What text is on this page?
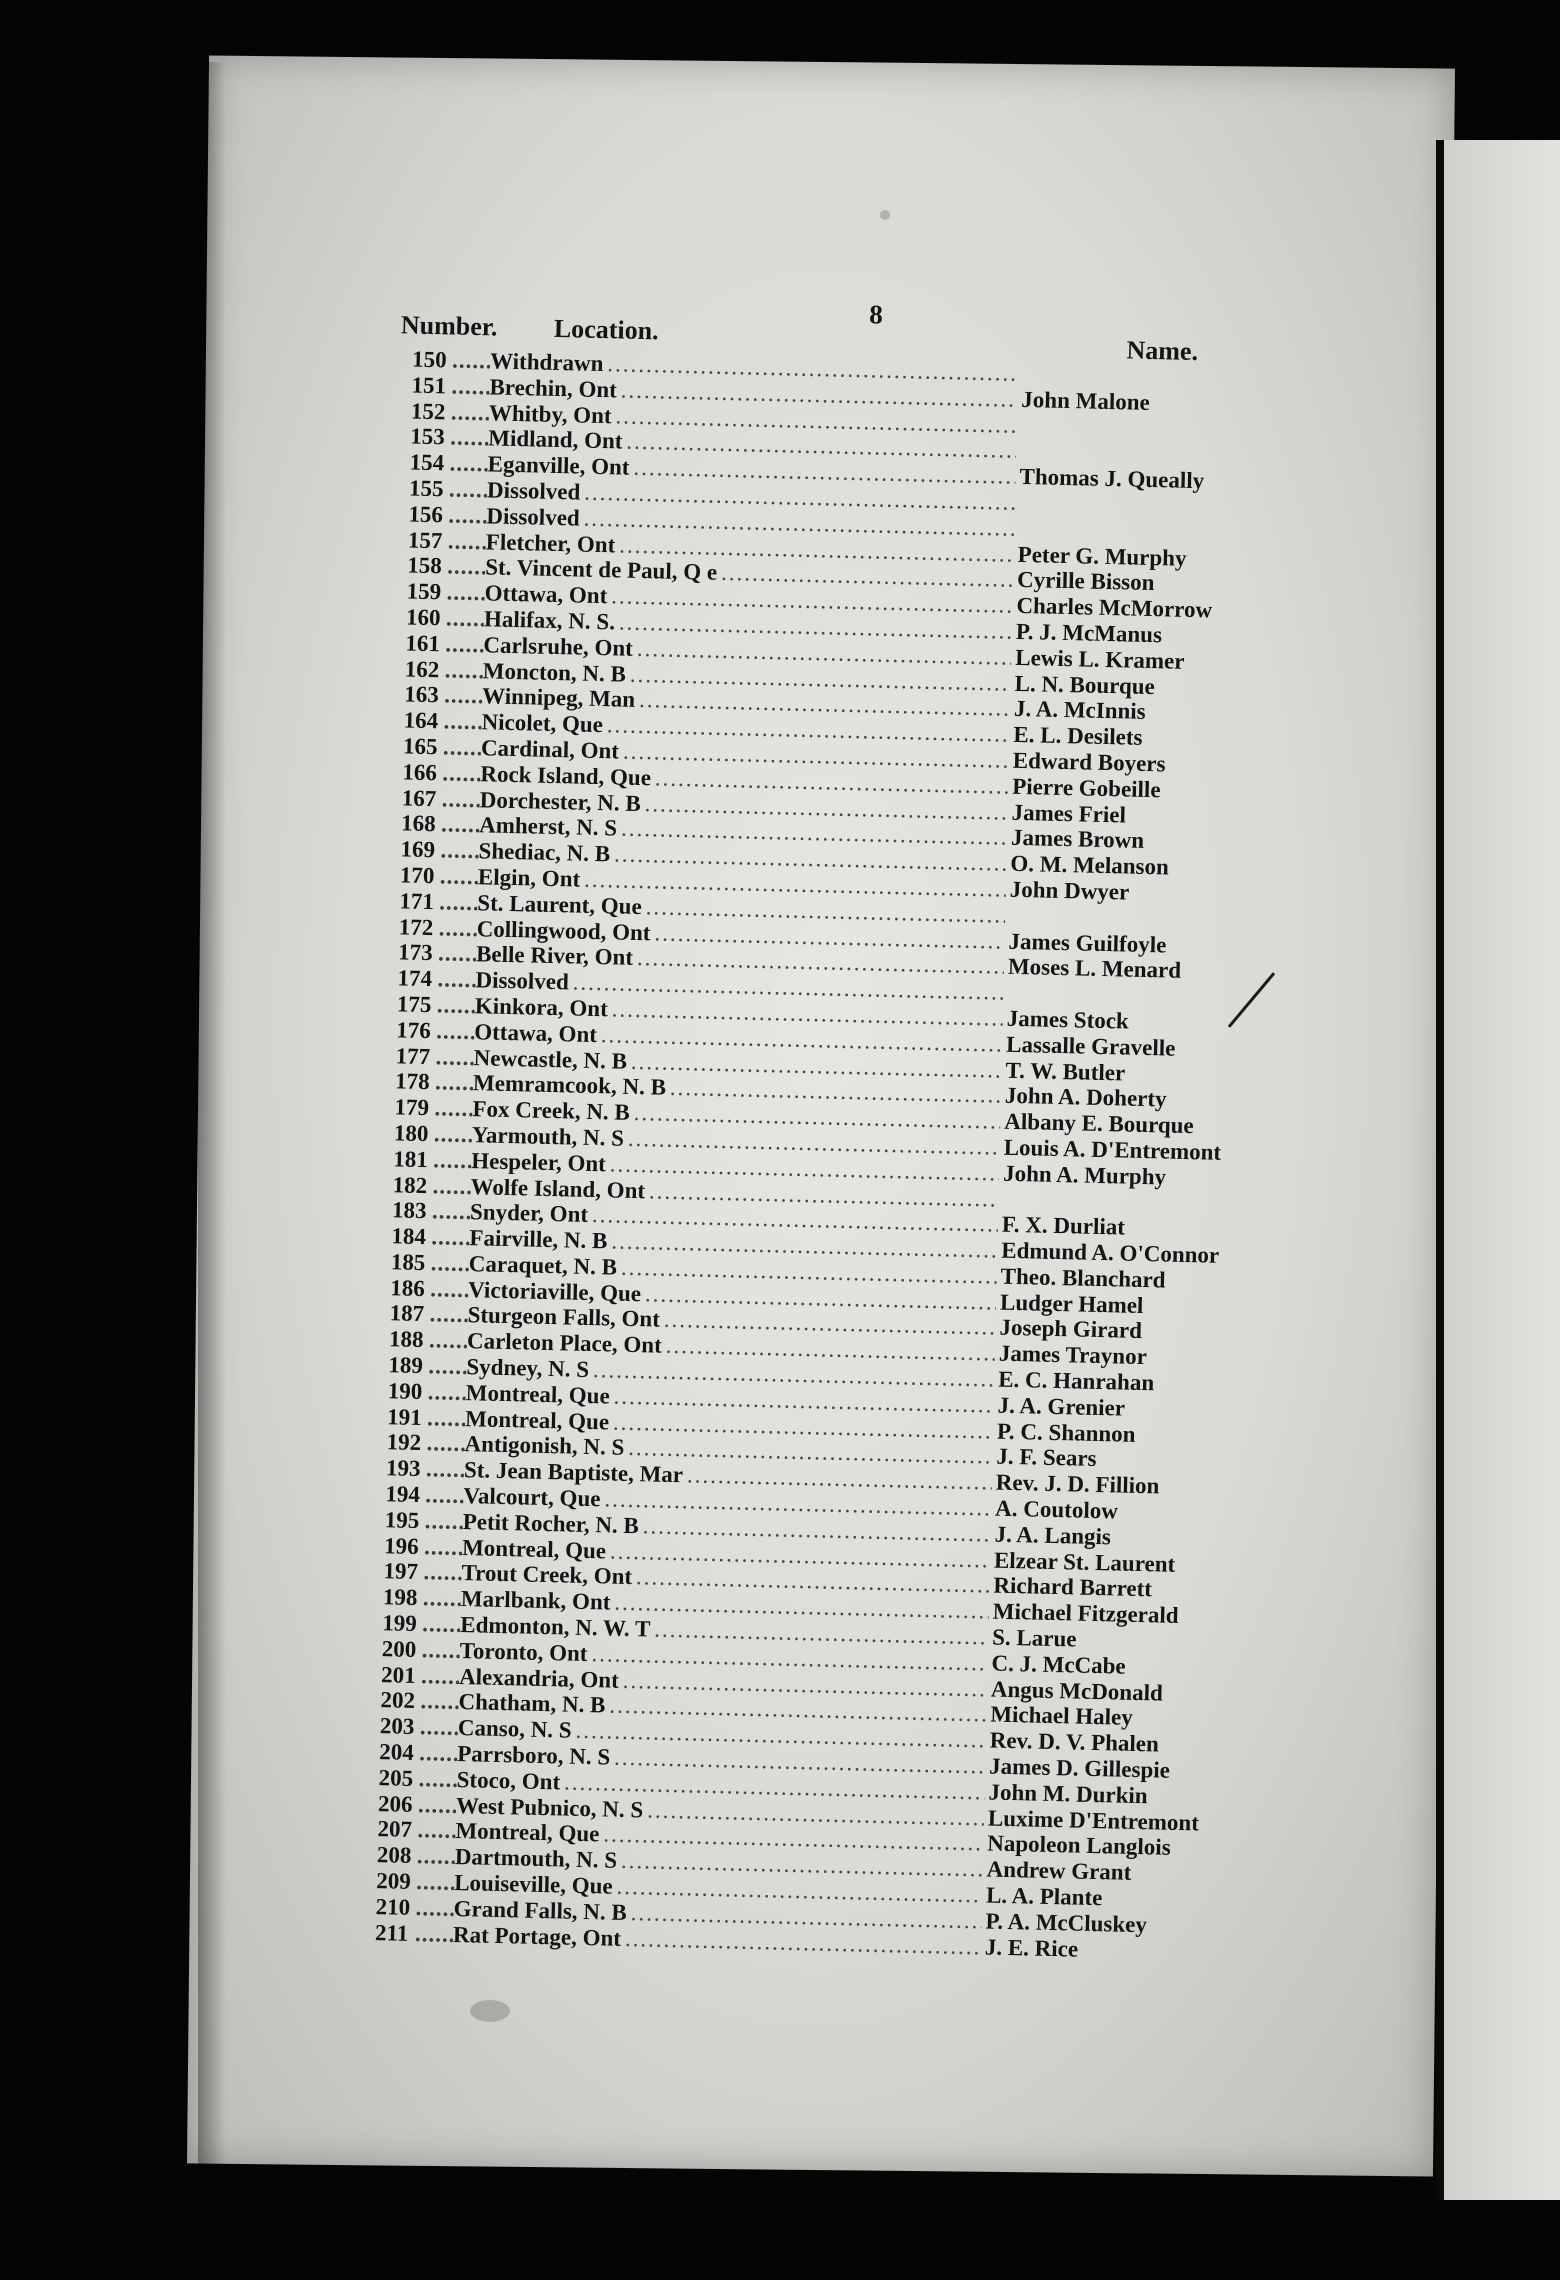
8
Number. Location.
Name.
150 ..... Withdrawn
.....
151 ..... Brechin, Ont .....	John Malone
152 ..... Whitby, Ont
.....
153 ..... Midland, Ont
.....
154 ..... Eganville, Ont .....	Thomas J. Queally
155 ..... Dissolved
.....
156 ..... Dissolved
.....
157 ..... Fletcher, Ont .....	Peter G. Murphy
158 ..... St. Vincent de Paul, Q e .....	Cyrille Bisson
159 ..... Ottawa, Ont .....	Charles McMorrow
160 ..... Halifax, N. S. .....	P. J. McManus
161 ..... Carlsruhe, Ont .....	Lewis L. Kramer
162 ..... Moncton, N. B .....	L. N. Bourque
163 ..... Winnipeg, Man .....	J. A. McInnis
164 ..... Nicolet, Que .....	E. L. Desilets
165 ..... Cardinal, Ont .....	Edward Boyers
166 ..... Rock Island, Que .....	Pierre Gobeille
167 ..... Dorchester, N. B .....	James Friel
168 ..... Amherst, N. S .....	James Brown
169 ..... Shediac, N. B .....	O. M. Melanson
170 ..... Elgin, Ont .....	John Dwyer
171 ..... St. Laurent, Que
.....
172 ..... Collingwood, Ont .....	James Guilfoyle
173 ..... Belle River, Ont .....	Moses L. Menard
174 ..... Dissolved
.....
175 ..... Kinkora, Ont .....	James Stock
176 ..... Ottawa, Ont .....	Lassalle Gravelle
177 ..... Newcastle, N. B .....	T. W. Butler
178 ..... Memramcook, N. B .....	John A. Doherty
179 ..... Fox Creek, N. B .....	Albany E. Bourque
180 ..... Yarmouth, N. S .....	Louis A. D'Entremont
181 ..... Hespeler, Ont .....	John A. Murphy
182 ..... Wolfe Island, Ont
.....
183 ..... Snyder, Ont .....	F. X. Durliat
184 ..... Fairville, N. B .....	Edmund A. O'Connor
185 ..... Caraquet, N. B .....	Theo. Blanchard
186 ..... Victoriaville, Que .....	Ludger Hamel
187 ..... Sturgeon Falls, Ont .....	Joseph Girard
188 ..... Carleton Place, Ont .....	James Traynor
189 ..... Sydney, N. S .....	E. C. Hanrahan
190 ..... Montreal, Que .....	J. A. Grenier
191 ..... Montreal, Que .....	P. C. Shannon
192 ..... Antigonish, N. S .....	J. F. Sears
193 ..... St. Jean Baptiste, Mar .....	Rev. J. D. Fillion
194 ..... Valcourt, Que .....	A. Coutolow
195 ..... Petit Rocher, N. B .....	J. A. Langis
196 ..... Montreal, Que .....	Elzear St. Laurent
197 ..... Trout Creek, Ont .....	Richard Barrett
198 ..... Marlbank, Ont .....	Michael Fitzgerald
199 ..... Edmonton, N. W. T .....	S. Larue
200 ..... Toronto, Ont .....	C. J. McCabe
201 ..... Alexandria, Ont .....	Angus McDonald
202 ..... Chatham, N. B .....	Michael Haley
203 ..... Canso, N. S .....	Rev. D. V. Phalen
204 ..... Parrsboro, N. S .....	James D. Gillespie
205 ..... Stoco, Ont .....	John M. Durkin
206 ..... West Pubnico, N. S .....	Luxime D'Entremont
207 ..... Montreal, Que .....	Napoleon Langlois
208 ..... Dartmouth, N. S .....	Andrew Grant
209 ..... Louiseville, Que .....	L. A. Plante
210 ..... Grand Falls, N. B .....	P. A. McCluskey
211 ..... Rat Portage, Ont .....	J. E. Rice
